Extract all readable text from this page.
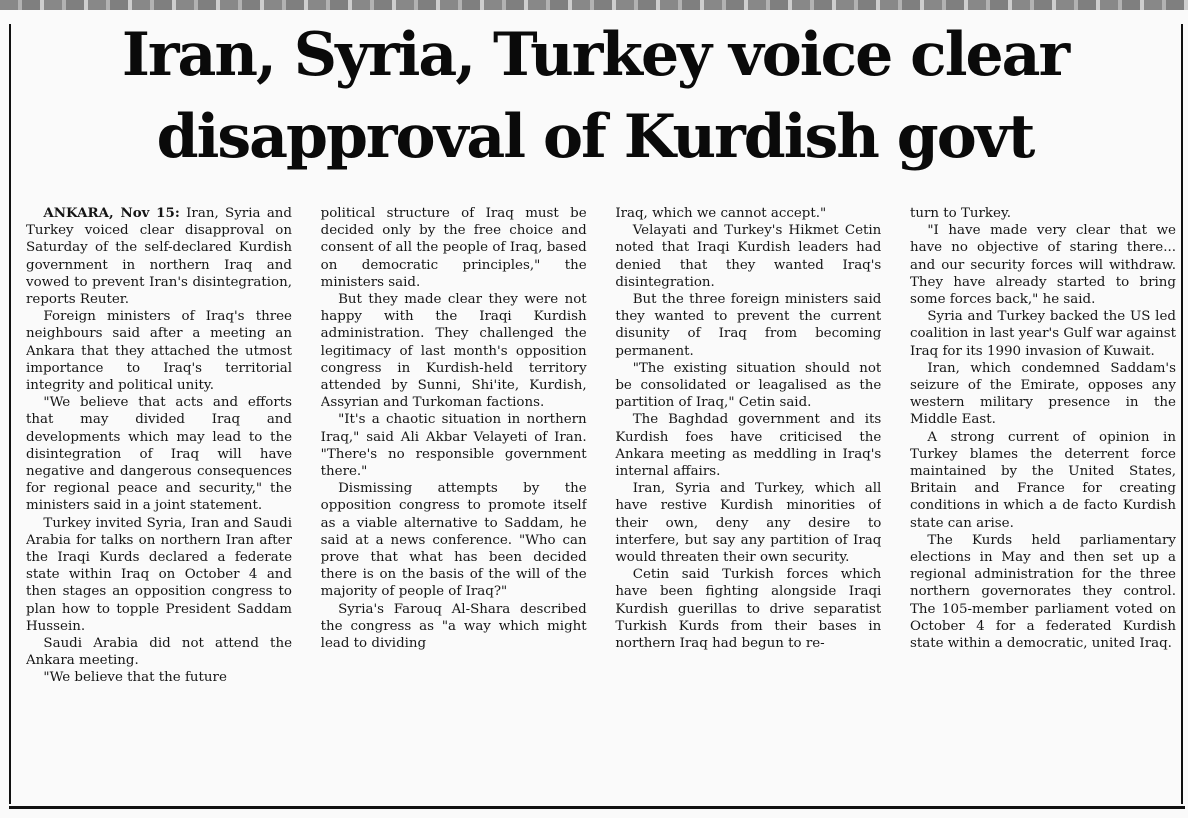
Iran, Syria, Turkey voice clear
disapproval of Kurdish govt

ANKARA, Nov 15: Iran, Syria and Turkey voiced clear disapproval on Saturday of the self-declared Kurdish government in northern Iraq and vowed to prevent Iran's disintegration, reports Reuter.

Foreign ministers of Iraq's three neighbours said after a meeting an Ankara that they attached the utmost importance to Iraq's territorial integrity and political unity.

"We believe that acts and efforts that may divided Iraq and developments which may lead to the disintegration of Iraq will have negative and dangerous consequences for regional peace and security," the ministers said in a joint statement.

Turkey invited Syria, Iran and Saudi Arabia for talks on northern Iran after the Iraqi Kurds declared a federate state within Iraq on October 4 and then stages an opposition congress to plan how to topple President Saddam Hussein.

Saudi Arabia did not attend the Ankara meeting.

"We believe that the future

political structure of Iraq must be decided only by the free choice and consent of all the people of Iraq, based on democratic principles," the ministers said.

But they made clear they were not happy with the Iraqi Kurdish administration. They challenged the legitimacy of last month's opposition congress in Kurdish-held territory attended by Sunni, Shi'ite, Kurdish, Assyrian and Turkoman factions.

"It's a chaotic situation in northern Iraq," said Ali Akbar Velayeti of Iran. "There's no responsible government there."

Dismissing attempts by the opposition congress to promote itself as a viable alternative to Saddam, he said at a news conference. "Who can prove that what has been decided there is on the basis of the will of the majority of people of Iraq?"

Syria's Farouq Al-Shara described the congress as "a way which might lead to dividing

Iraq, which we cannot accept."

Velayati and Turkey's Hikmet Cetin noted that Iraqi Kurdish leaders had denied that they wanted Iraq's disintegration.

But the three foreign ministers said they wanted to prevent the current disunity of Iraq from becoming permanent.

"The existing situation should not be consolidated or leagalised as the partition of Iraq," Cetin said.

The Baghdad government and its Kurdish foes have criticised the Ankara meeting as meddling in Iraq's internal affairs.

Iran, Syria and Turkey, which all have restive Kurdish minorities of their own, deny any desire to interfere, but say any partition of Iraq would threaten their own security.

Cetin said Turkish forces which have been fighting alongside Iraqi Kurdish guerillas to drive separatist Turkish Kurds from their bases in northern Iraq had begun to re-

turn to Turkey.

"I have made very clear that we have no objective of staring there... and our security forces will withdraw. They have already started to bring some forces back," he said.

Syria and Turkey backed the US led coalition in last year's Gulf war against Iraq for its 1990 invasion of Kuwait.

Iran, which condemned Saddam's seizure of the Emirate, opposes any western military presence in the Middle East.

A strong current of opinion in Turkey blames the deterrent force maintained by the United States, Britain and France for creating conditions in which a de facto Kurdish state can arise.

The Kurds held parliamentary elections in May and then set up a regional administration for the three northern governorates they control. The 105-member parliament voted on October 4 for a federated Kurdish state within a democratic, united Iraq.
